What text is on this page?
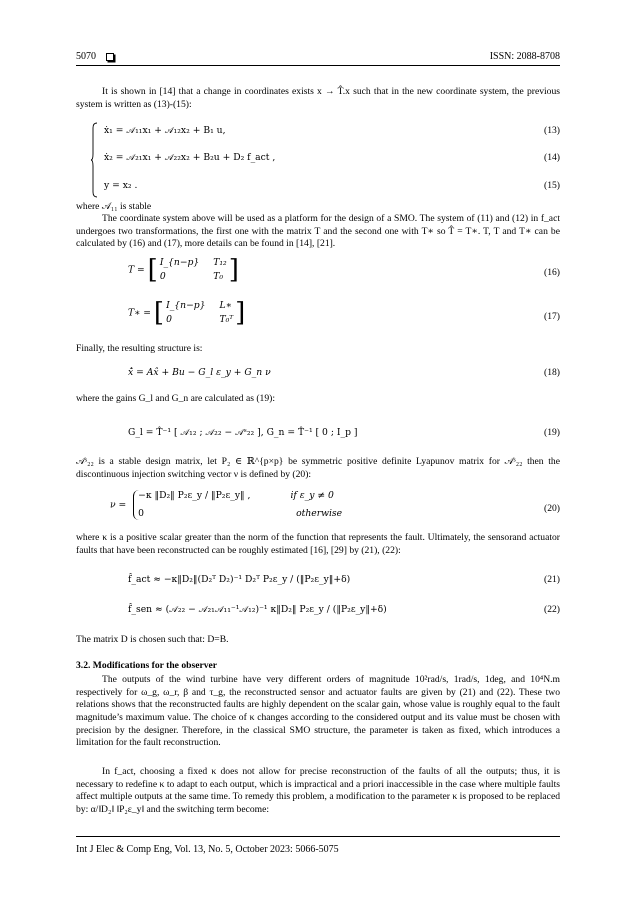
5070	ISSN: 2088-8708
It is shown in [14] that a change in coordinates exists x → T̂.x such that in the new coordinate system, the previous system is written as (13)-(15):
ẋ₁ = 𝒜₁₁x₁ + 𝒜₁₂x₂ + B₁ u,	(13)
ẋ₂ = 𝒜₂₁x₁ + 𝒜₂₂x₂ + B₂u + D₂ f_act ,	(14)
y = x₂ .	(15)
where 𝒜₁₁ is stable
The coordinate system above will be used as a platform for the design of a SMO. The system of (11) and (12) in f_act undergoes two transformations, the first one with the matrix T and the second one with T∗ so T̂ = T∗. T, T and T∗ can be calculated by (16) and (17), more details can be found in [14], [21].
T = [ I_{n−p} T₁₂
0	T₀ ]	(16)
T∗ = [ I_{n−p} L∗
0	T₀ᵀ ]	(17)
Finally, the resulting structure is:
x̂̇ = Ax̂ + Bu − G_l ε_y + G_n ν	(18)
where the gains G_l and G_n are calculated as (19):
G_l = T̂⁻¹ [ 𝒜₁₂ ; 𝒜₂₂ − 𝒜ˢ₂₂ ], G_n = T̂⁻¹ [ 0 ; I_p ]	(19)
𝒜ˢ₂₂ is a stable design matrix, let P₂ ∈ ℝ^{p×p} be symmetric positive definite Lyapunov matrix for 𝒜ˢ₂₂ then the discontinuous injection switching vector ν is defined by (20):
ν =
−κ ‖D₂‖ P₂ε_y / ‖P₂ε_y‖ ,	if ε_y ≠ 0
0	otherwise	(20)
where κ is a positive scalar greater than the norm of the function that represents the fault. Ultimately, the sensorand actuator faults that have been reconstructed can be roughly estimated [16], [29] by (21), (22):
f̂_act ≈ −κ‖D₂‖(D₂ᵀ D₂)⁻¹ D₂ᵀ P₂ε_y / (‖P₂ε_y‖+δ)	(21)
f̂_sen ≈ (𝒜₂₂ − 𝒜₂₁𝒜₁₁⁻¹𝒜₁₂)⁻¹ κ‖D₂‖ P₂ε_y / (‖P₂ε_y‖+δ)	(22)
The matrix D is chosen such that: D=B.
3.2. Modifications for the observer
The outputs of the wind turbine have very different orders of magnitude 10²rad/s, 1rad/s, 1deg, and 10⁴N.m respectively for ω_g, ω_r, β and τ_g, the reconstructed sensor and actuator faults are given by (21) and (22). These two relations shows that the reconstructed faults are highly dependent on the scalar gain, whose value is roughly equal to the fault magnitude’s maximum value. The choice of κ changes according to the considered output and its value must be chosen with precision by the designer. Therefore, in the classical SMO structure, the parameter is taken as fixed, which introduces a limitation for the fault reconstruction.
In f_act, choosing a fixed κ does not allow for precise reconstruction of the faults of all the outputs; thus, it is necessary to redefine κ to adapt to each output, which is impractical and a priori inaccessible in the case where multiple faults affect multiple outputs at the same time. To remedy this problem, a modification to the parameter κ is proposed to be replaced by: α/‖D₂‖ ‖P₂ε_y‖ and the switching term become:
Int J Elec & Comp Eng, Vol. 13, No. 5, October 2023: 5066-5075
